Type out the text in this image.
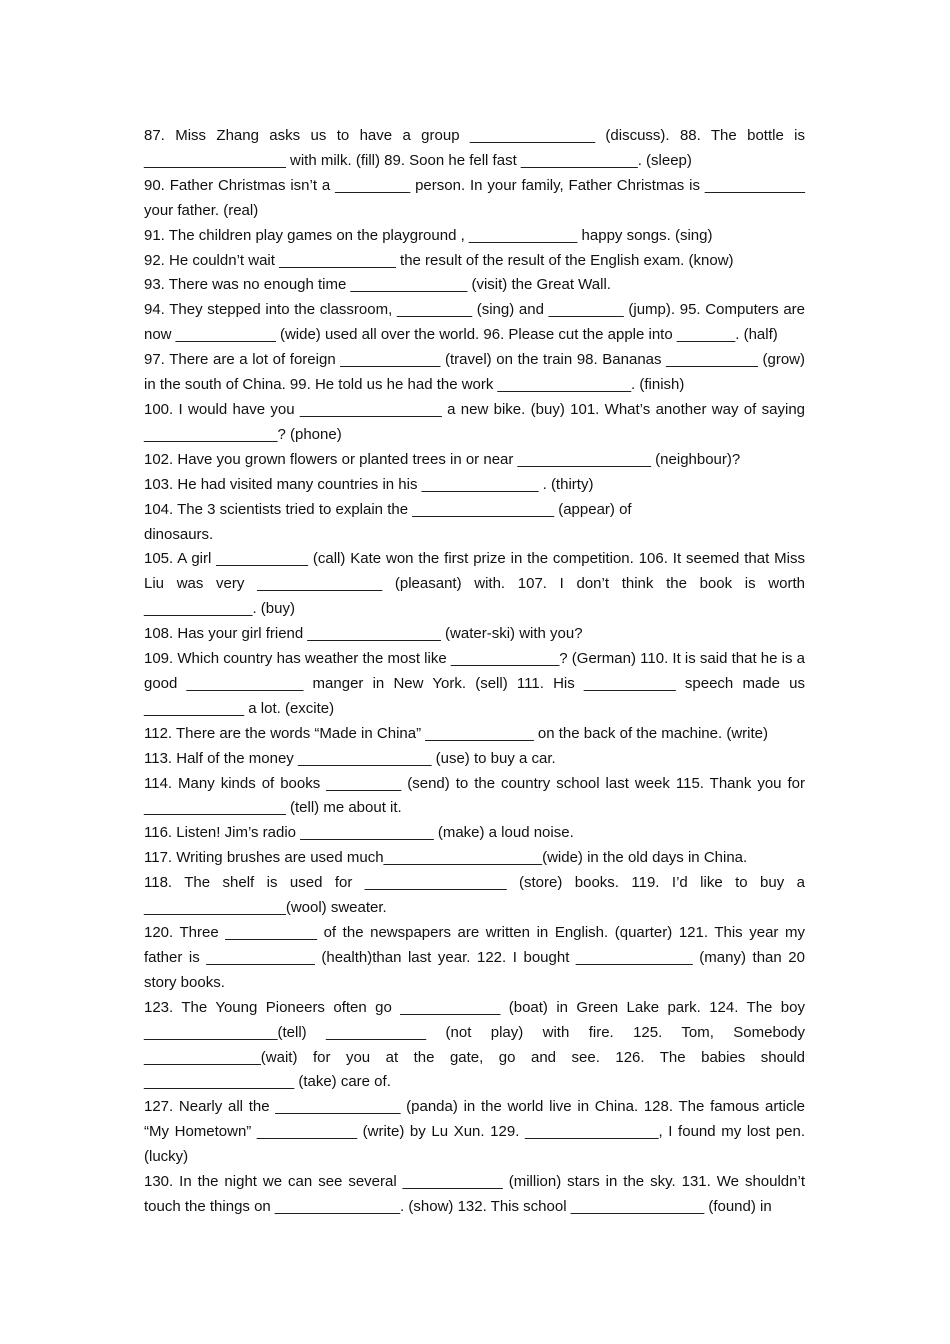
87. Miss Zhang asks us to have a group _______________ (discuss). 88. The bottle is _________________ with milk. (fill) 89. Soon he fell fast ______________. (sleep)

90. Father Christmas isn’t a _________ person. In your family, Father Christmas is ____________ your father. (real)

91. The children play games on the playground , _____________ happy songs. (sing)

92. He couldn’t wait ______________ the result of the result of the English exam. (know)

93. There was no enough time ______________ (visit) the Great Wall.

94. They stepped into the classroom, _________ (sing) and _________ (jump). 95. Computers are now ____________ (wide) used all over the world. 96. Please cut the apple into _______. (half)

97. There are a lot of foreign ____________ (travel) on the train 98. Bananas ___________ (grow) in the south of China. 99. He told us he had the work ________________. (finish)

100. I would have you _________________ a new bike. (buy) 101. What’s another way of saying ________________? (phone)

102. Have you grown flowers or planted trees in or near ________________ (neighbour)?

103. He had visited many countries in his ______________ . (thirty)

104. The 3 scientists tried to explain the _________________ (appear) of

dinosaurs.

105. A girl ___________ (call) Kate won the first prize in the competition. 106. It seemed that Miss Liu was very _______________ (pleasant) with. 107. I don’t think the book is worth _____________. (buy)

108. Has your girl friend ________________ (water-ski) with you?

109. Which country has weather the most like _____________? (German) 110. It is said that he is a good ______________ manger in New York. (sell) 111. His ___________ speech made us ____________ a lot. (excite)

112. There are the words “Made in China” _____________ on the back of the machine. (write)

113. Half of the money ________________ (use) to buy a car.

114. Many kinds of books _________ (send) to the country school last week 115. Thank you for _________________ (tell) me about it.

116. Listen! Jim’s radio ________________ (make) a loud noise.

117. Writing brushes are used much___________________(wide) in the old days in China.

118. The shelf is used for _________________ (store) books. 119. I’d like to buy a _________________(wool) sweater.

120. Three ___________ of the newspapers are written in English. (quarter) 121. This year my father is _____________ (health)than last year. 122. I bought ______________ (many) than 20 story books.

123. The Young Pioneers often go ____________ (boat) in Green Lake park. 124. The boy ________________(tell) ____________ (not play) with fire. 125. Tom, Somebody ______________(wait) for you at the gate, go and see. 126. The babies should __________________ (take) care of.

127. Nearly all the _______________ (panda) in the world live in China. 128. The famous article “My Hometown” ____________ (write) by Lu Xun. 129. ________________, I found my lost pen. (lucky)

130. In the night we can see several ____________ (million) stars in the sky. 131. We shouldn’t touch the things on _______________. (show) 132. This school ________________ (found) in
